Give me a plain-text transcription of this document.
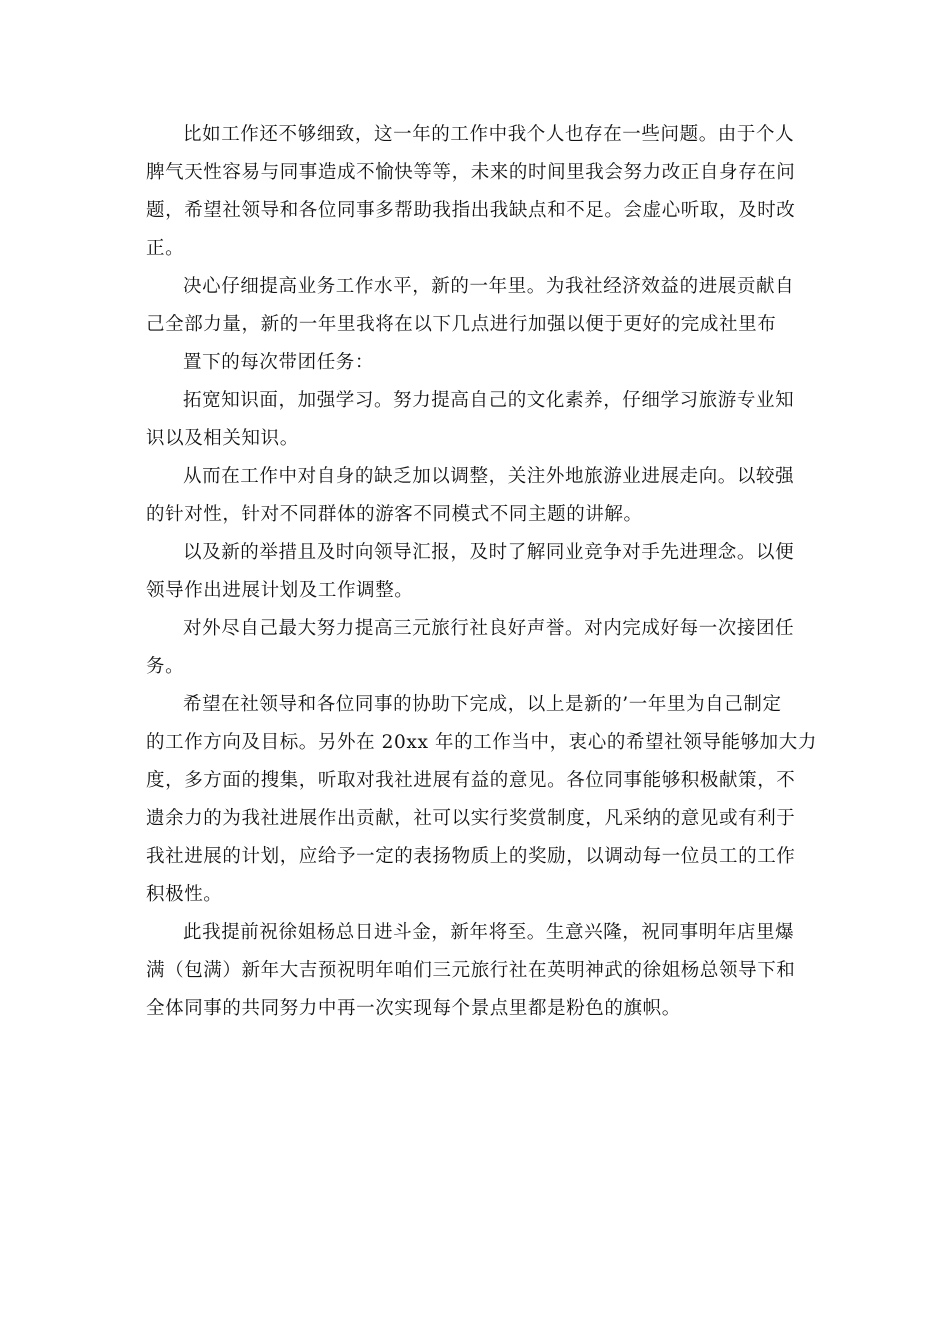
比如工作还不够细致，这一年的工作中我个人也存在一些问题。由于个人
脾气天性容易与同事造成不愉快等等，未来的时间里我会努力改正自身存在问
题，希望社领导和各位同事多帮助我指出我缺点和不足。会虚心听取，及时改
正。
决心仔细提高业务工作水平，新的一年里。为我社经济效益的进展贡献自
己全部力量，新的一年里我将在以下几点进行加强以便于更好的完成社里布
置下的每次带团任务：
拓宽知识面，加强学习。努力提高自己的文化素养，仔细学习旅游专业知
识以及相关知识。
从而在工作中对自身的缺乏加以调整，关注外地旅游业进展走向。以较强
的针对性，针对不同群体的游客不同模式不同主题的讲解。
以及新的举措且及时向领导汇报，及时了解同业竞争对手先进理念。以便
领导作出进展计划及工作调整。
对外尽自己最大努力提高三元旅行社良好声誉。对内完成好每一次接团任
务。
希望在社领导和各位同事的协助下完成，以上是新的’一年里为自己制定
的工作方向及目标。另外在 20xx 年的工作当中，衷心的希望社领导能够加大力
度，多方面的搜集，听取对我社进展有益的意见。各位同事能够积极献策，不
遗余力的为我社进展作出贡献，社可以实行奖赏制度，凡采纳的意见或有利于
我社进展的计划，应给予一定的表扬物质上的奖励，以调动每一位员工的工作
积极性。
此我提前祝徐姐杨总日进斗金，新年将至。生意兴隆，祝同事明年店里爆
满（包满）新年大吉预祝明年咱们三元旅行社在英明神武的徐姐杨总领导下和
全体同事的共同努力中再一次实现每个景点里都是粉色的旗帜。
